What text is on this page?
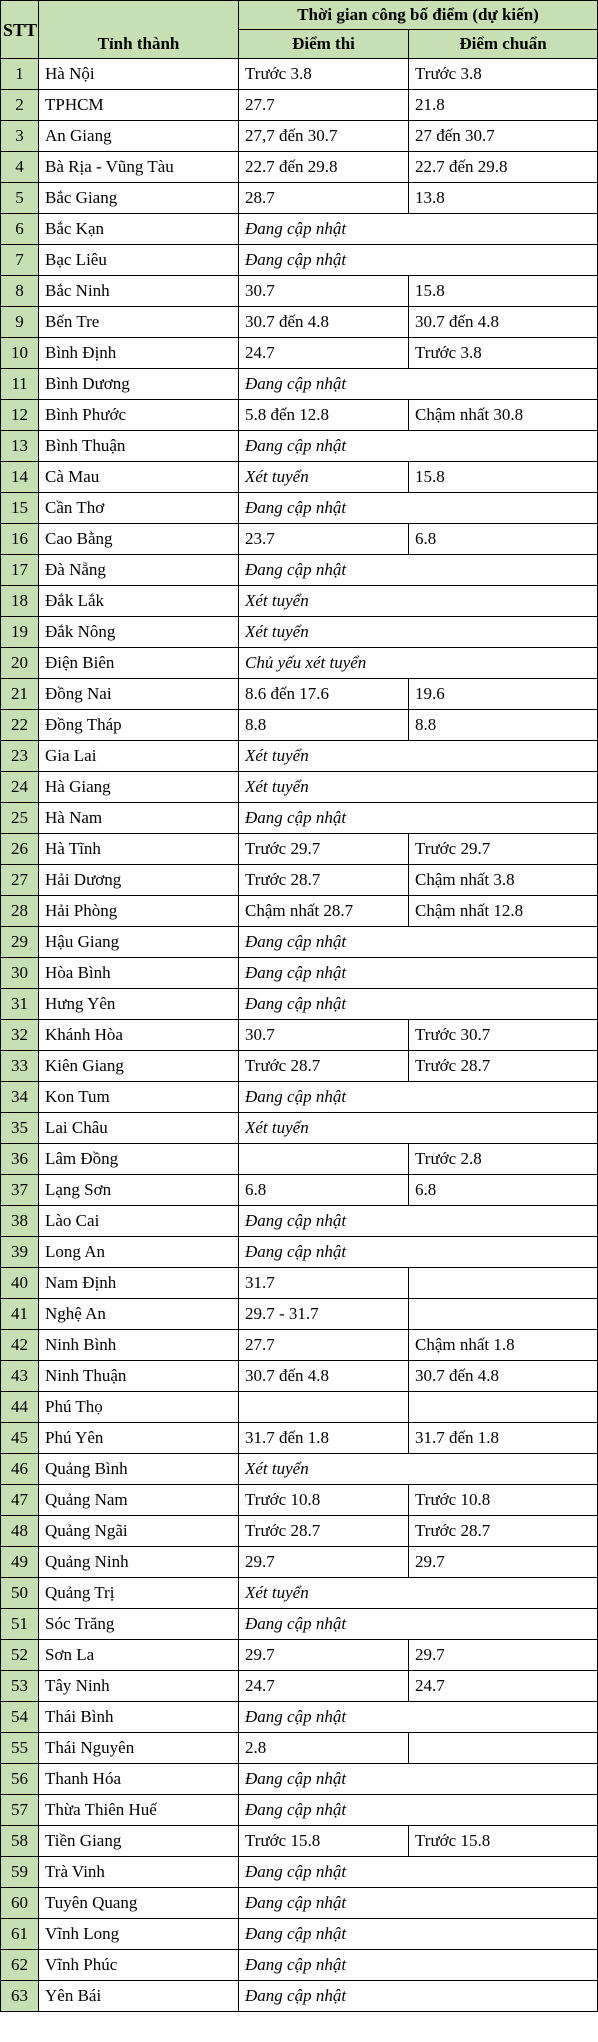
STT	Tỉnh thành	Thời gian công bố điểm (dự kiến)	
		Điểm thi	Điểm chuẩn
1	Hà Nội	Trước 3.8	Trước 3.8
2	TPHCM	27.7	21.8
3	An Giang	27,7 đến 30.7	27 đến 30.7
4	Bà Rịa - Vũng Tàu	22.7 đến 29.8	22.7 đến 29.8
5	Bắc Giang	28.7	13.8
6	Bắc Kạn	Đang cập nhật	
7	Bạc Liêu	Đang cập nhật	
8	Bắc Ninh	30.7	15.8
9	Bến Tre	30.7 đến 4.8	30.7 đến 4.8
10	Bình Định	24.7	Trước 3.8
11	Bình Dương	Đang cập nhật	
12	Bình Phước	5.8 đến 12.8	Chậm nhất 30.8
13	Bình Thuận	Đang cập nhật	
14	Cà Mau	Xét tuyển	15.8
15	Cần Thơ	Đang cập nhật	
16	Cao Bằng	23.7	6.8
17	Đà Nẵng	Đang cập nhật	
18	Đắk Lắk	Xét tuyển	
19	Đắk Nông	Xét tuyển	
20	Điện Biên	Chủ yếu xét tuyển	
21	Đồng Nai	8.6 đến 17.6	19.6
22	Đồng Tháp	8.8	8.8
23	Gia Lai	Xét tuyển	
24	Hà Giang	Xét tuyển	
25	Hà Nam	Đang cập nhật	
26	Hà Tĩnh	Trước 29.7	Trước 29.7
27	Hải Dương	Trước 28.7	Chậm nhất 3.8
28	Hải Phòng	Chậm nhất 28.7	Chậm nhất 12.8
29	Hậu Giang	Đang cập nhật	
30	Hòa Bình	Đang cập nhật	
31	Hưng Yên	Đang cập nhật	
32	Khánh Hòa	30.7	Trước 30.7
33	Kiên Giang	Trước 28.7	Trước 28.7
34	Kon Tum	Đang cập nhật	
35	Lai Châu	Xét tuyển	
36	Lâm Đồng		Trước 2.8
37	Lạng Sơn	6.8	6.8
38	Lào Cai	Đang cập nhật	
39	Long An	Đang cập nhật	
40	Nam Định	31.7	
41	Nghệ An	29.7 - 31.7	
42	Ninh Bình	27.7	Chậm nhất 1.8
43	Ninh Thuận	30.7 đến 4.8	30.7 đến 4.8
44	Phú Thọ		
45	Phú Yên	31.7 đến 1.8	31.7 đến 1.8
46	Quảng Bình	Xét tuyển	
47	Quảng Nam	Trước 10.8	Trước 10.8
48	Quảng Ngãi	Trước 28.7	Trước 28.7
49	Quảng Ninh	29.7	29.7
50	Quảng Trị	Xét tuyển	
51	Sóc Trăng	Đang cập nhật	
52	Sơn La	29.7	29.7
53	Tây Ninh	24.7	24.7
54	Thái Bình	Đang cập nhật	
55	Thái Nguyên	2.8	
56	Thanh Hóa	Đang cập nhật	
57	Thừa Thiên Huế	Đang cập nhật	
58	Tiền Giang	Trước 15.8	Trước 15.8
59	Trà Vinh	Đang cập nhật	
60	Tuyên Quang	Đang cập nhật	
61	Vĩnh Long	Đang cập nhật	
62	Vĩnh Phúc	Đang cập nhật	
63	Yên Bái	Đang cập nhật	
